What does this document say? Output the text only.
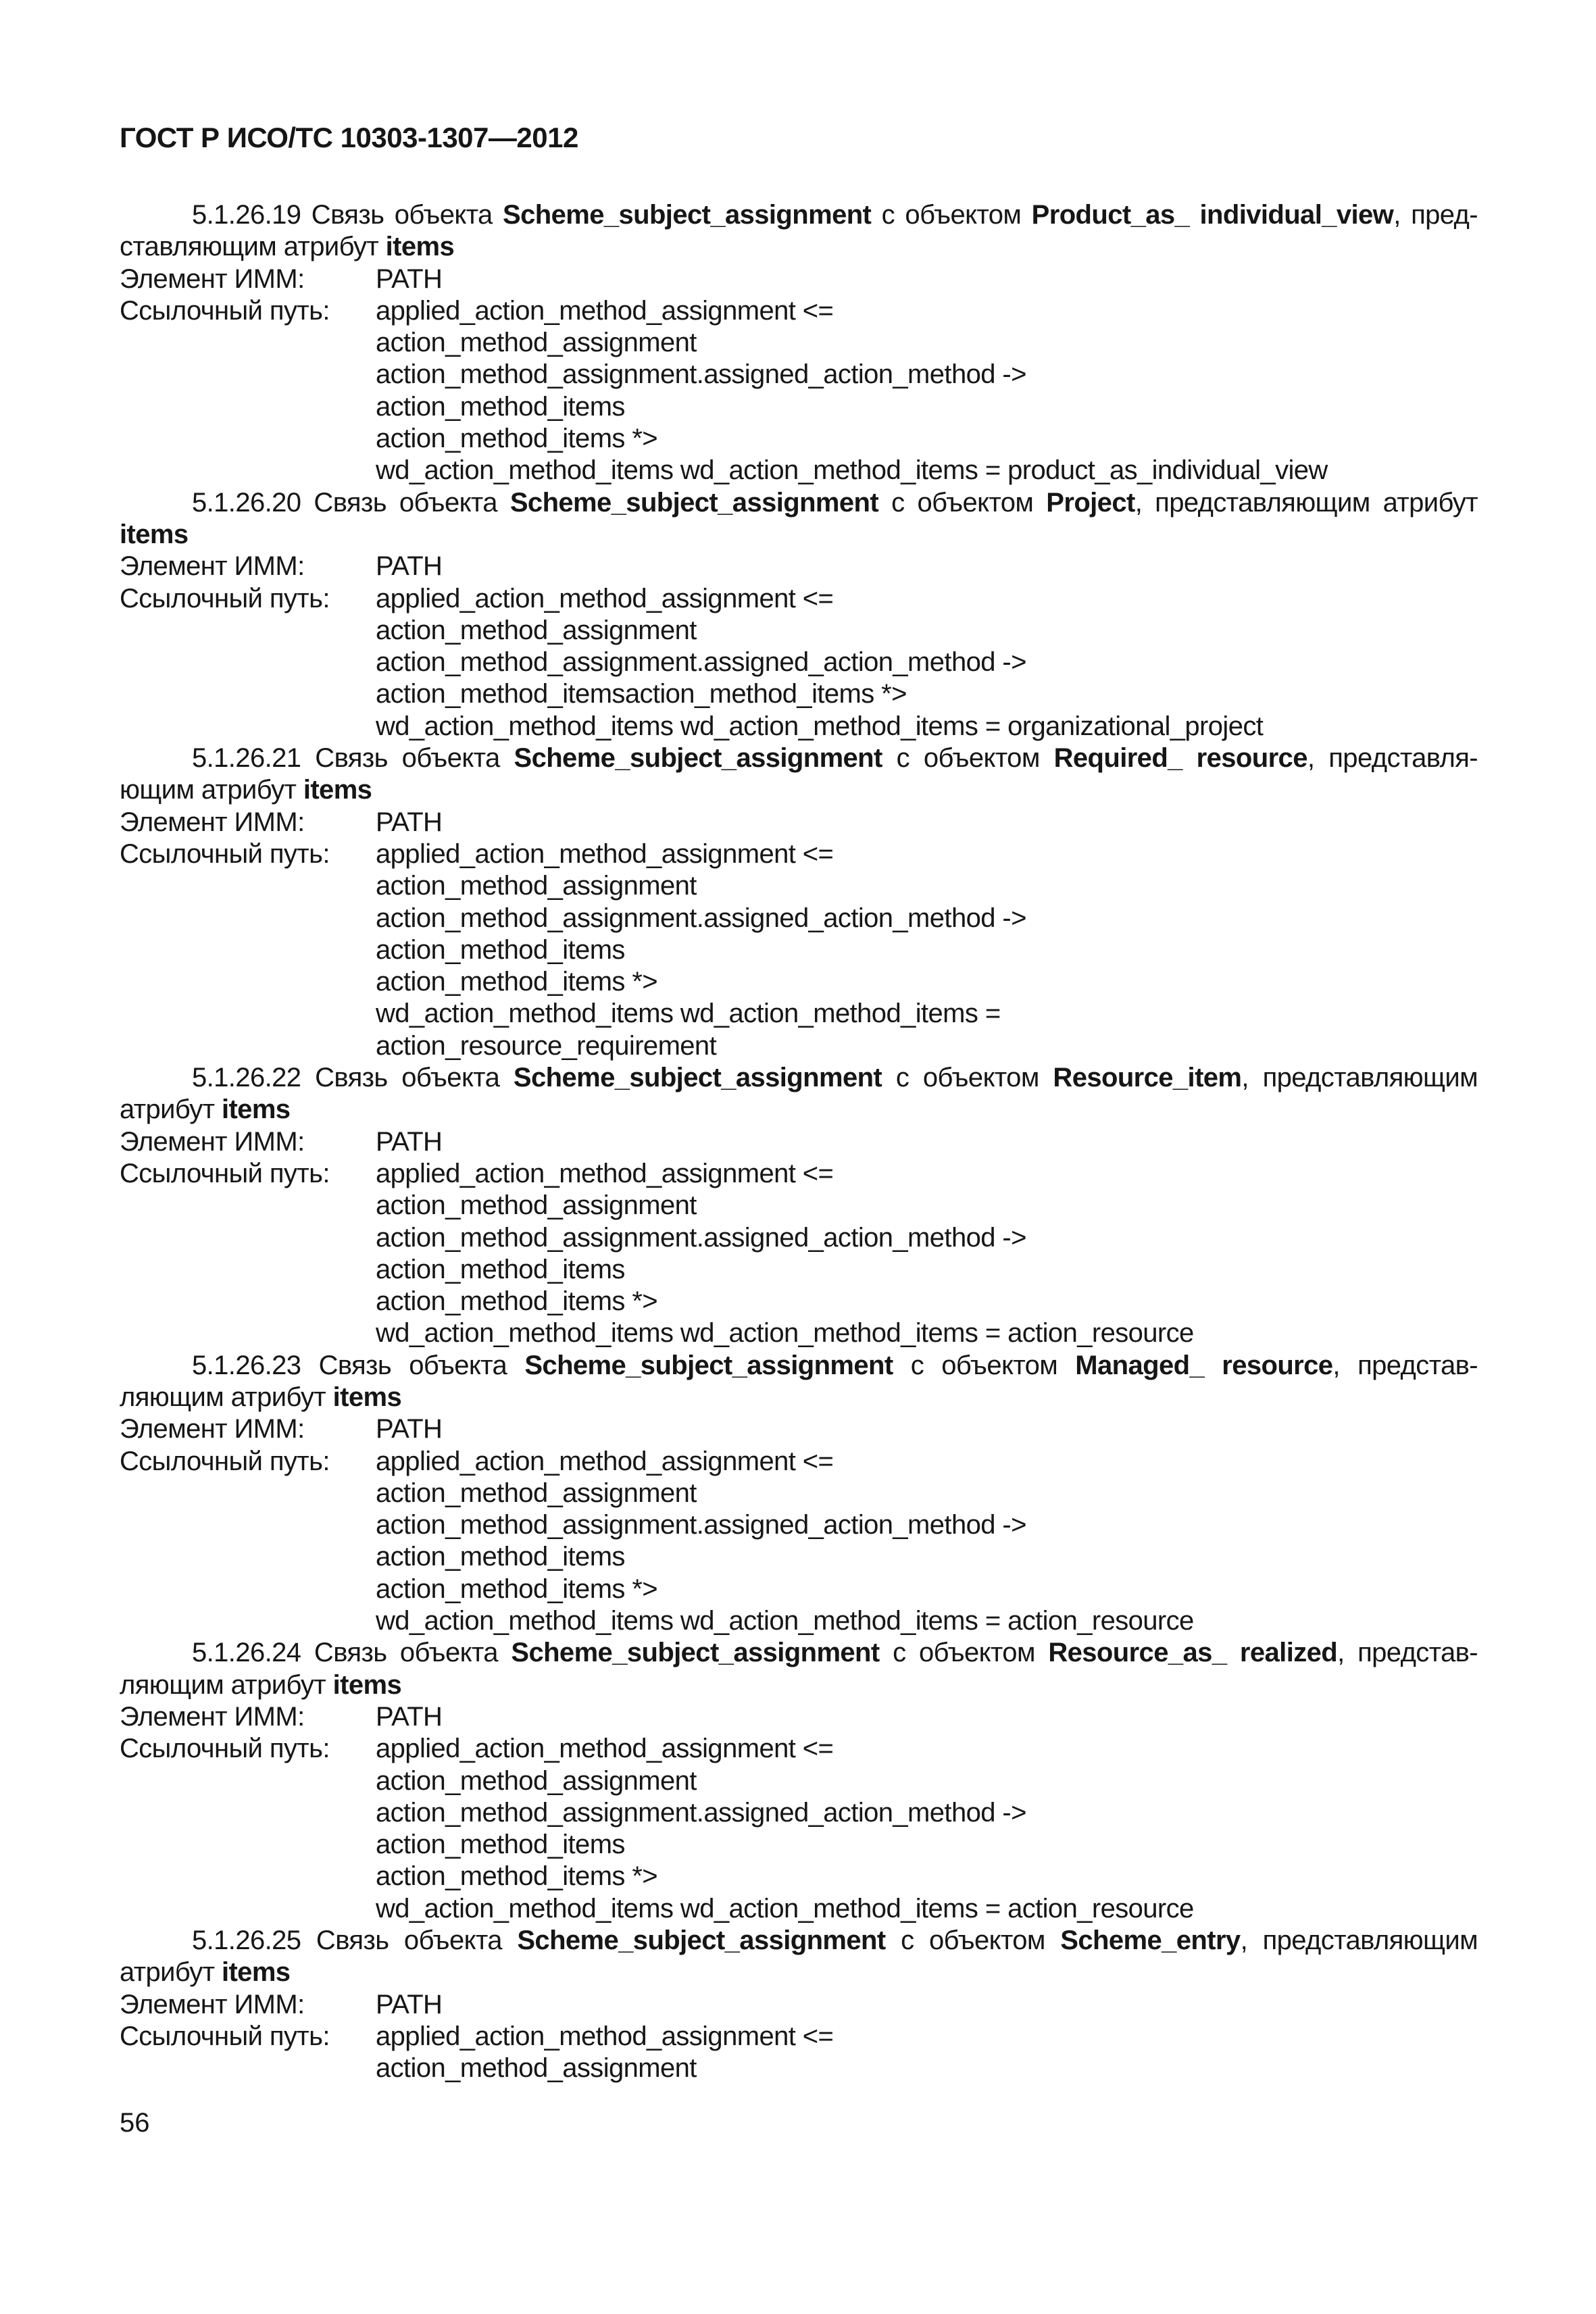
ГОСТ Р ИСО/ТС 10303-1307—2012
5.1.26.19 Связь объекта Scheme_subject_assignment с объектом Product_as_ individual_view, пред-
ставляющим атрибут items
Элемент ИММ:	PATH
Ссылочный путь:	applied_action_method_assignment <=
action_method_assignment
action_method_assignment.assigned_action_method ->
action_method_items
action_method_items *>
wd_action_method_items wd_action_method_items = product_as_individual_view
5.1.26.20 Связь объекта Scheme_subject_assignment с объектом Project, представляющим атрибут
items
Элемент ИММ:	PATH
Ссылочный путь:	applied_action_method_assignment <=
action_method_assignment
action_method_assignment.assigned_action_method ->
action_method_itemsaction_method_items *>
wd_action_method_items wd_action_method_items = organizational_project
5.1.26.21 Связь объекта Scheme_subject_assignment с объектом Required_ resource, представля-
ющим атрибут items
Элемент ИММ:	PATH
Ссылочный путь:	applied_action_method_assignment <=
action_method_assignment
action_method_assignment.assigned_action_method ->
action_method_items
action_method_items *>
wd_action_method_items wd_action_method_items =
action_resource_requirement
5.1.26.22 Связь объекта Scheme_subject_assignment с объектом Resource_item, представляющим
атрибут items
Элемент ИММ:	PATH
Ссылочный путь:	applied_action_method_assignment <=
action_method_assignment
action_method_assignment.assigned_action_method ->
action_method_items
action_method_items *>
wd_action_method_items wd_action_method_items = action_resource
5.1.26.23 Связь объекта Scheme_subject_assignment с объектом Managed_ resource, представ-
ляющим атрибут items
Элемент ИММ:	PATH
Ссылочный путь:	applied_action_method_assignment <=
action_method_assignment
action_method_assignment.assigned_action_method ->
action_method_items
action_method_items *>
wd_action_method_items wd_action_method_items = action_resource
5.1.26.24 Связь объекта Scheme_subject_assignment с объектом Resource_as_ realized, представ-
ляющим атрибут items
Элемент ИММ:	PATH
Ссылочный путь:	applied_action_method_assignment <=
action_method_assignment
action_method_assignment.assigned_action_method ->
action_method_items
action_method_items *>
wd_action_method_items wd_action_method_items = action_resource
5.1.26.25 Связь объекта Scheme_subject_assignment с объектом Scheme_entry, представляющим
атрибут items
Элемент ИММ:	PATH
Ссылочный путь:	applied_action_method_assignment <=
action_method_assignment
56
